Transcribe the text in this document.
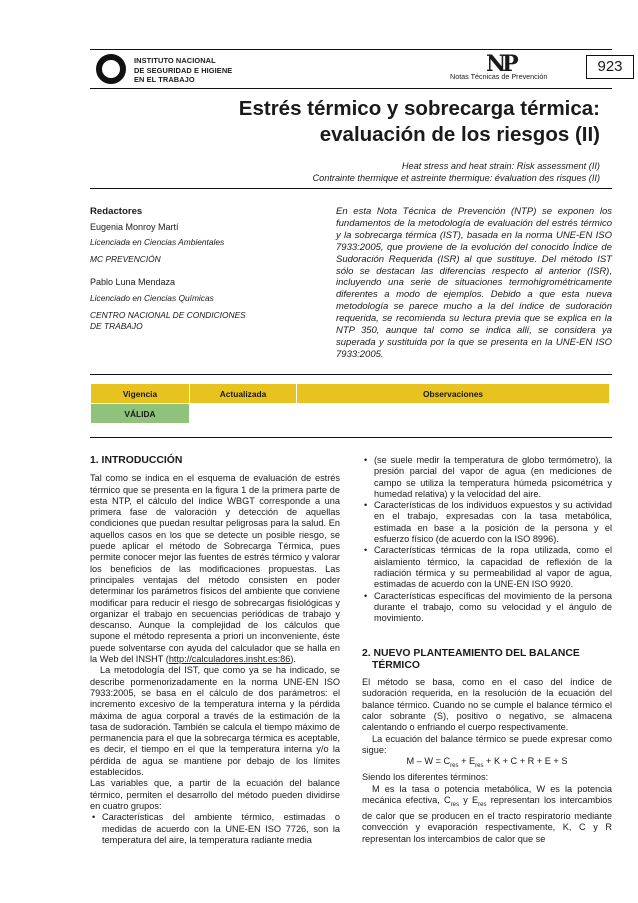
INSTITUTO NACIONAL
DE SEGURIDAD E HIGIENE
EN EL TRABAJO
NP
Notas Técnicas de Prevención
923
Estrés térmico y sobrecarga térmica:
evaluación de los riesgos (II)
Heat stress and heat strain: Risk assessment (II)
Contrainte thermique et astreinte thermique: évaluation des risques (II)
Redactores
Eugenia Monroy Martí
Licenciada en Ciencias Ambientales
MC PREVENCIÓN
Pablo Luna Mendaza
Licenciado en Ciencias Químicas
CENTRO NACIONAL DE CONDICIONES
DE TRABAJO
En esta Nota Técnica de Prevención (NTP) se exponen los fundamentos de la metodología de evaluación del estrés térmico y la sobrecarga térmica (IST), basada en la norma UNE-EN ISO 7933:2005, que proviene de la evolución del conocido Índice de Sudoración Requerida (ISR) al que sustituye. Del método IST sólo se destacan las diferencias respecto al anterior (ISR), incluyendo una serie de situaciones termohigrométricamente diferentes a modo de ejemplos. Debido a que esta nueva metodología se parece mucho a la del índice de sudoración requerida, se recomienda su lectura previa que se explica en la NTP 350, aunque tal como se indica allí, se considera ya superada y sustituida por la que se presenta en la UNE-EN ISO 7933:2005.
Vigencia	Actualizada	Observaciones
VÁLIDA		

1. INTRODUCCIÓN

Tal como se indica en el esquema de evaluación de estrés térmico que se presenta en la figura 1 de la primera parte de esta NTP, el cálculo del índice WBGT corresponde a una primera fase de valoración y detección de aquellas condiciones que puedan resultar peligrosas para la salud. En aquellos casos en los que se detecte un posible riesgo, se puede aplicar el método de Sobrecarga Térmica, pues permite conocer mejor las fuentes de estrés térmico y valorar los beneficios de las modificaciones propuestas. Las principales ventajas del método consisten en poder determinar los parámetros físicos del ambiente que conviene modificar para reducir el riesgo de sobrecargas fisiológicas y organizar el trabajo en secuencias periódicas de trabajo y descanso. Aunque la complejidad de los cálculos que supone el método representa a priori un inconveniente, éste puede solventarse con ayuda del calculador que se halla en la Web del INSHT (http://calculadores.insht.es:86).

La metodología del IST, que como ya se ha indicado, se describe pormenorizadamente en la norma UNE-EN ISO 7933:2005, se basa en el cálculo de dos parámetros: el incremento excesivo de la temperatura interna y la pérdida máxima de agua corporal a través de la estimación de la tasa de sudoración. También se calcula el tiempo máximo de permanencia para el que la sobrecarga térmica es aceptable, es decir, el tiempo en el que la temperatura interna y/o la pérdida de agua se mantiene por debajo de los límites establecidos.

Las variables que, a partir de la ecuación del balance térmico, permiten el desarrollo del método pueden dividirse en cuatro grupos:

• Características del ambiente térmico, estimadas o medidas de acuerdo con la UNE-EN ISO 7726, son la temperatura del aire, la temperatura radiante media
• (se suele medir la temperatura de globo termómetro), la presión parcial del vapor de agua (en mediciones de campo se utiliza la temperatura húmeda psicométrica y humedad relativa) y la velocidad del aire.
• Características de los individuos expuestos y su actividad en el trabajo, expresadas con la tasa metabólica, estimada en base a la posición de la persona y el esfuerzo físico (de acuerdo con la ISO 8996).
• Características térmicas de la ropa utilizada, como el aislamiento térmico, la capacidad de reflexión de la radiación térmica y su permeabilidad al vapor de agua, estimadas de acuerdo con la UNE-EN ISO 9920.
• Características específicas del movimiento de la persona durante el trabajo, como su velocidad y el ángulo de movimiento.

2. NUEVO PLANTEAMIENTO DEL BALANCE
TÉRMICO

El método se basa, como en el caso del índice de sudoración requerida, en la resolución de la ecuación del balance térmico. Cuando no se cumple el balance térmico el calor sobrante (S), positivo o negativo, se almacena calentando o enfriando el cuerpo respectivamente.

La ecuación del balance térmico se puede expresar como sigue:

$M - W = C_{res} + E_{res} + K + C + R + E + S$

Siendo los diferentes términos:

M es la tasa o potencia metabólica, W es la potencia mecánica efectiva, $C_{res}$ y $E_{res}$ representan los intercambios de calor que se producen en el tracto respiratorio mediante convección y evaporación respectivamente, K, C y R representan los intercambios de calor que se
